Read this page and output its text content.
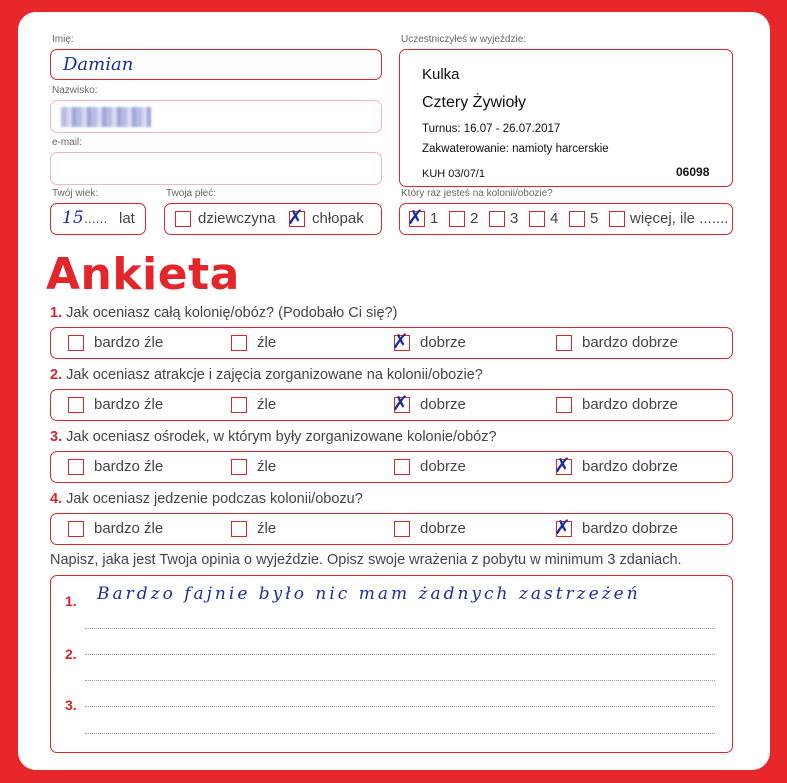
Imię:
Damian
Nazwisko:
e-mail:
Twój wiek:
15 ...... lat
Twoja płeć:
dziewczyna ✗ chłopak
Uczestniczyłeś w wyjeździe:
Kulka
Cztery Żywioły
Turnus: 16.07 - 26.07.2017
Zakwaterowanie: namioty harcerskie
KUH 03/07/1	06098
Który raz jesteś na kolonii/obozie?
✗ 1 2 3 4 5 więcej, ile .......
Ankieta
1. Jak oceniasz całą kolonię/obóz? (Podobało Ci się?)
bardzo źle	źle	✗ dobrze	bardzo dobrze
2. Jak oceniasz atrakcje i zajęcia zorganizowane na kolonii/obozie?
bardzo źle	źle	✗ dobrze	bardzo dobrze
3. Jak oceniasz ośrodek, w którym były zorganizowane kolonie/obóz?
bardzo źle	źle	dobrze	✗ bardzo dobrze
4. Jak oceniasz jedzenie podczas kolonii/obozu?
bardzo źle	źle	dobrze	✗ bardzo dobrze
Napisz, jaka jest Twoja opinia o wyjeździe. Opisz swoje wrażenia z pobytu w minimum 3 zdaniach.
1. Bardzo fajnie było nic mam żadnych zastrzeżeń
2.
3.
